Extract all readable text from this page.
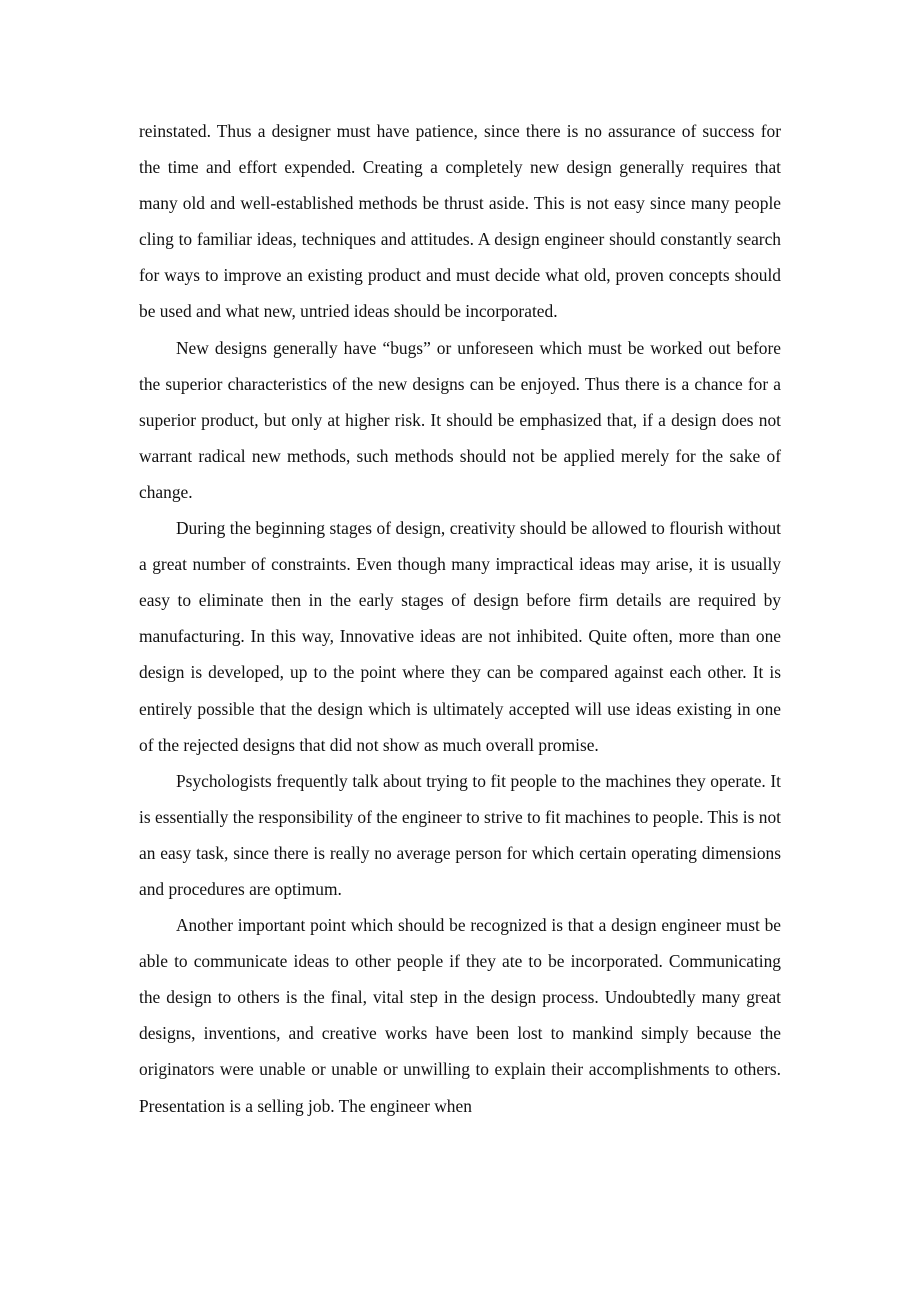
reinstated. Thus a designer must have patience, since there is no assurance of success for the time and effort expended. Creating a completely new design generally requires that many old and well-established methods be thrust aside. This is not easy since many people cling to familiar ideas, techniques and attitudes. A design engineer should constantly search for ways to improve an existing product and must decide what old, proven concepts should be used and what new, untried ideas should be incorporated.

New designs generally have “bugs” or unforeseen which must be worked out before the superior characteristics of the new designs can be enjoyed. Thus there is a chance for a superior product, but only at higher risk. It should be emphasized that, if a design does not warrant radical new methods, such methods should not be applied merely for the sake of change.

During the beginning stages of design, creativity should be allowed to flourish without a great number of constraints. Even though many impractical ideas may arise, it is usually easy to eliminate then in the early stages of design before firm details are required by manufacturing. In this way, Innovative ideas are not inhibited. Quite often, more than one design is developed, up to the point where they can be compared against each other. It is entirely possible that the design which is ultimately accepted will use ideas existing in one of the rejected designs that did not show as much overall promise.

Psychologists frequently talk about trying to fit people to the machines they operate. It is essentially the responsibility of the engineer to strive to fit machines to people. This is not an easy task, since there is really no average person for which certain operating dimensions and procedures are optimum.

Another important point which should be recognized is that a design engineer must be able to communicate ideas to other people if they ate to be incorporated. Communicating the design to others is the final, vital step in the design process. Undoubtedly many great designs, inventions, and creative works have been lost to mankind simply because the originators were unable or unable or unwilling to explain their accomplishments to others. Presentation is a selling job. The engineer when
